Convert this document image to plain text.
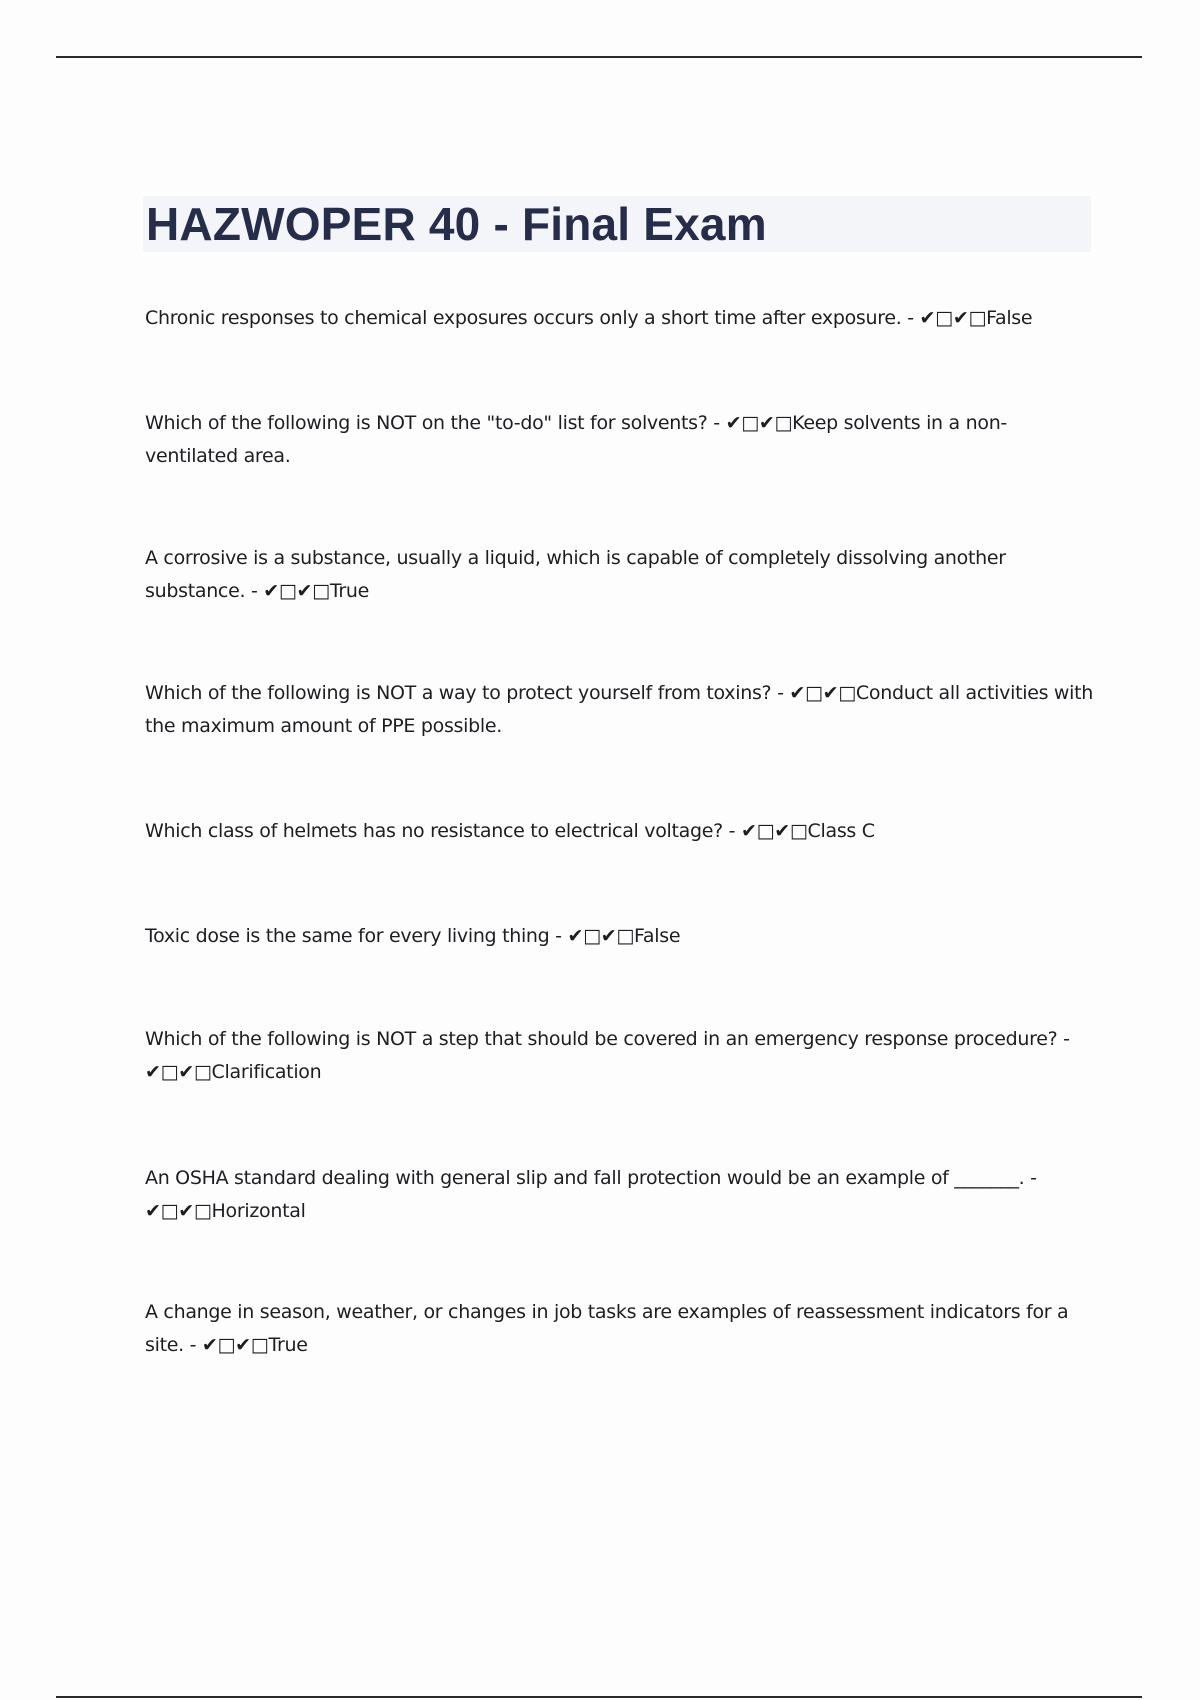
HAZWOPER 40 - Final Exam
Chronic responses to chemical exposures occurs only a short time after exposure. - ✔□✔□False
Which of the following is NOT on the "to-do" list for solvents? - ✔□✔□Keep solvents in a non-ventilated area.
A corrosive is a substance, usually a liquid, which is capable of completely dissolving another substance. - ✔□✔□True
Which of the following is NOT a way to protect yourself from toxins? - ✔□✔□Conduct all activities with the maximum amount of PPE possible.
Which class of helmets has no resistance to electrical voltage? - ✔□✔□Class C
Toxic dose is the same for every living thing - ✔□✔□False
Which of the following is NOT a step that should be covered in an emergency response procedure? - ✔□✔□Clarification
An OSHA standard dealing with general slip and fall protection would be an example of _______. - ✔□✔□Horizontal
A change in season, weather, or changes in job tasks are examples of reassessment indicators for a site. - ✔□✔□True
